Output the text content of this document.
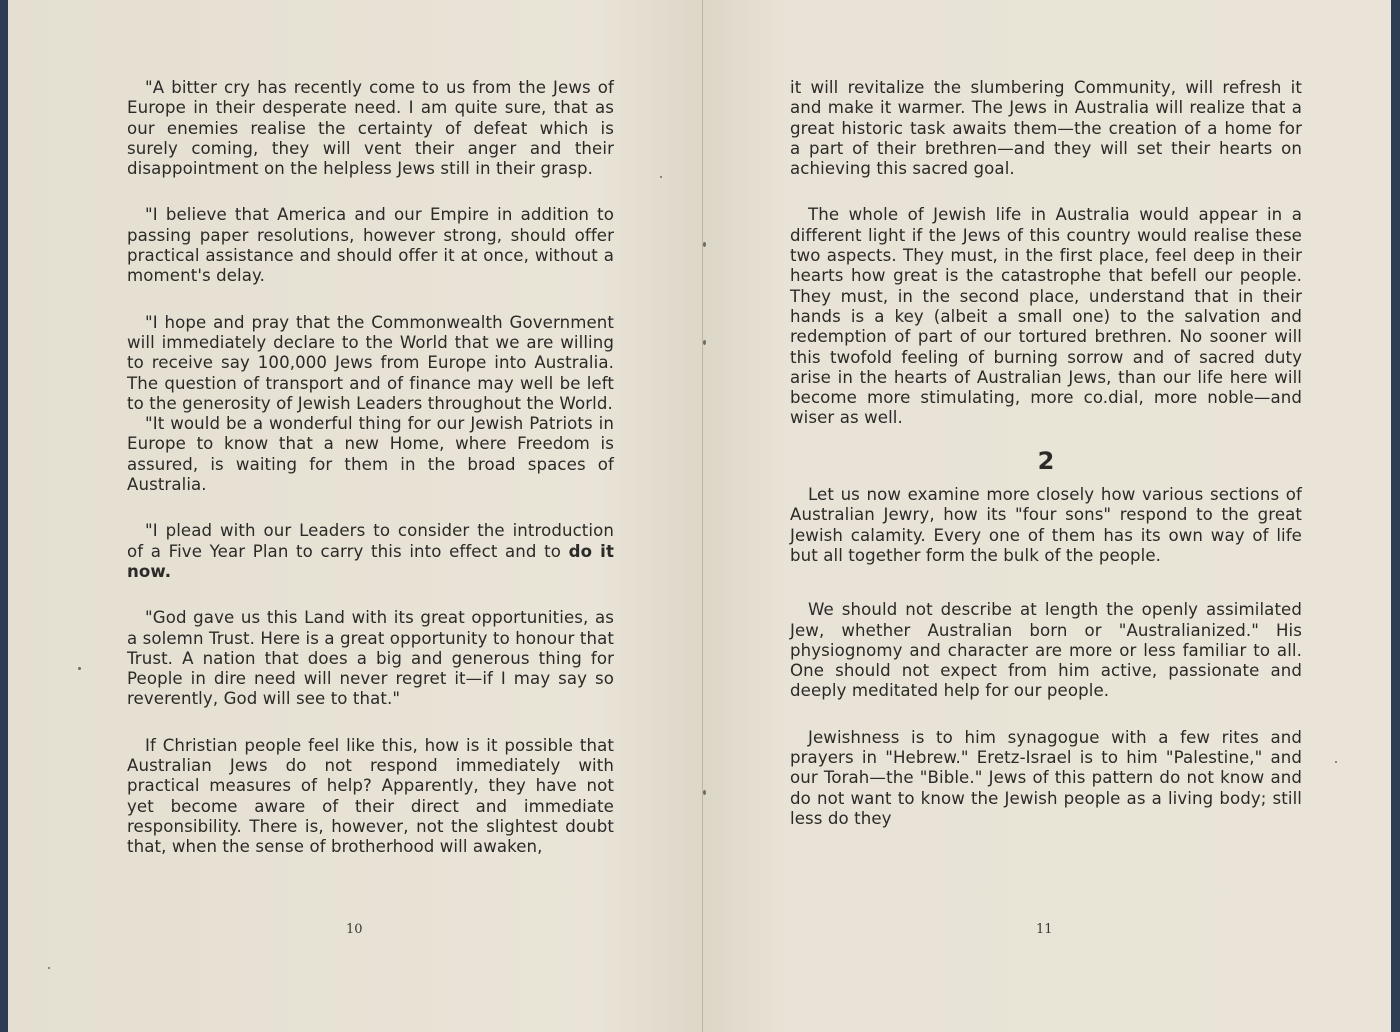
"A bitter cry has recently come to us from the Jews of Europe in their desperate need. I am quite sure, that as our enemies realise the certainty of defeat which is surely coming, they will vent their anger and their disappointment on the helpless Jews still in their grasp.

"I believe that America and our Empire in addition to passing paper resolutions, however strong, should offer practical assistance and should offer it at once, without a moment's delay.

"I hope and pray that the Commonwealth Government will immediately declare to the World that we are willing to receive say 100,000 Jews from Europe into Australia. The question of transport and of finance may well be left to the generosity of Jewish Leaders throughout the World.

"It would be a wonderful thing for our Jewish Patriots in Europe to know that a new Home, where Freedom is assured, is waiting for them in the broad spaces of Australia.

"I plead with our Leaders to consider the introduction of a Five Year Plan to carry this into effect and to do it now.

"God gave us this Land with its great opportunities, as a solemn Trust. Here is a great opportunity to honour that Trust. A nation that does a big and generous thing for People in dire need will never regret it—if I may say so reverently, God will see to that."

If Christian people feel like this, how is it possible that Australian Jews do not respond immediately with practical measures of help? Apparently, they have not yet become aware of their direct and immediate responsibility. There is, however, not the slightest doubt that, when the sense of brotherhood will awaken,

10

it will revitalize the slumbering Community, will refresh it and make it warmer. The Jews in Australia will realize that a great historic task awaits them—the creation of a home for a part of their brethren—and they will set their hearts on achieving this sacred goal.

The whole of Jewish life in Australia would appear in a different light if the Jews of this country would realise these two aspects. They must, in the first place, feel deep in their hearts how great is the catastrophe that befell our people. They must, in the second place, understand that in their hands is a key (albeit a small one) to the salvation and redemption of part of our tortured brethren. No sooner will this twofold feeling of burning sorrow and of sacred duty arise in the hearts of Australian Jews, than our life here will become more stimulating, more co.dial, more noble—and wiser as well.

2

Let us now examine more closely how various sections of Australian Jewry, how its "four sons" respond to the great Jewish calamity. Every one of them has its own way of life but all together form the bulk of the people.

We should not describe at length the openly assimilated Jew, whether Australian born or "Australianized." His physiognomy and character are more or less familiar to all. One should not expect from him active, passionate and deeply meditated help for our people.

Jewishness is to him synagogue with a few rites and prayers in "Hebrew." Eretz-Israel is to him "Palestine," and our Torah—the "Bible." Jews of this pattern do not know and do not want to know the Jewish people as a living body; still less do they

11
